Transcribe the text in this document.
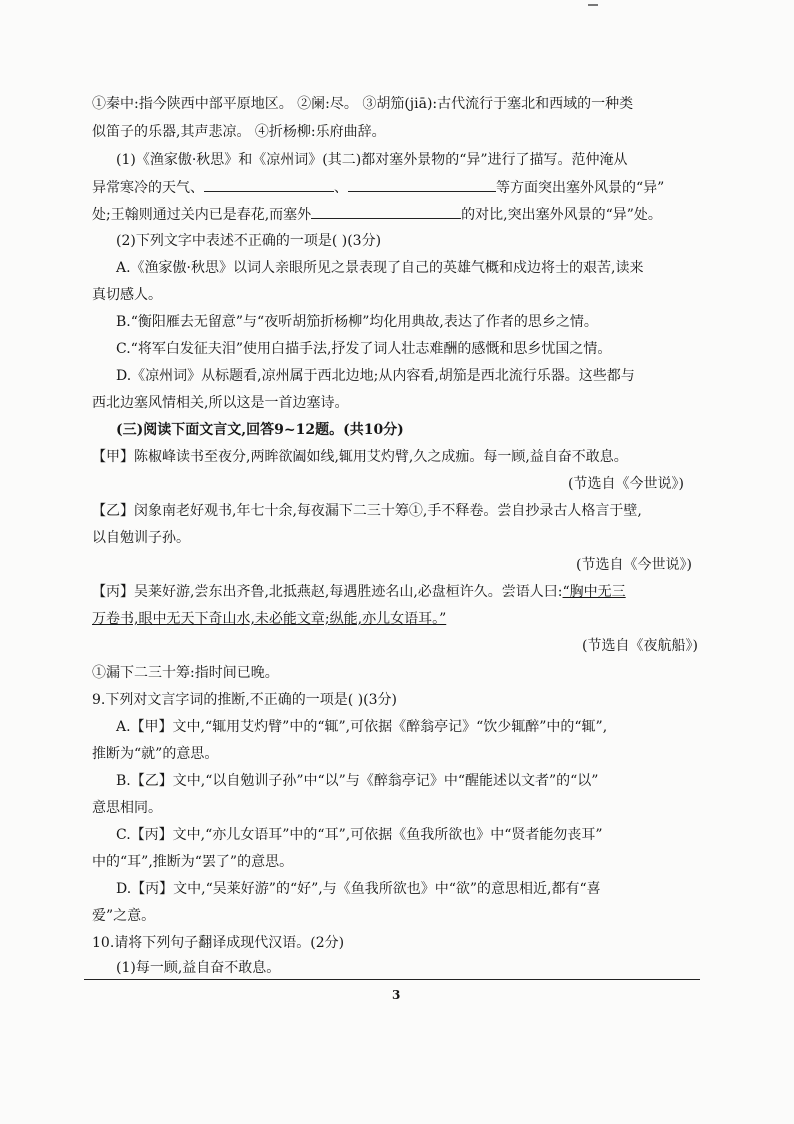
①秦中:指今陕西中部平原地区。 ②阑:尽。 ③胡笳(jiā):古代流行于塞北和西域的一种类
似笛子的乐器,其声悲凉。 ④折杨柳:乐府曲辞。
(1)《渔家傲·秋思》和《凉州词》(其二)都对塞外景物的“异”进行了描写。范仲淹从
异常寒冷的天气、	、	等方面突出塞外风景的“异”
处;王翰则通过关内已是春花,而塞外	的对比,突出塞外风景的“异”处。
(2)下列文字中表述不正确的一项是( )(3分)
A.《渔家傲·秋思》以词人亲眼所见之景表现了自己的英雄气概和戍边将士的艰苦,读来
真切感人。
B.“衡阳雁去无留意”与“夜听胡笳折杨柳”均化用典故,表达了作者的思乡之情。
C.“将军白发征夫泪”使用白描手法,抒发了词人壮志难酬的感慨和思乡忧国之情。
D.《凉州词》从标题看,凉州属于西北边地;从内容看,胡笳是西北流行乐器。这些都与
西北边塞风情相关,所以这是一首边塞诗。
(三)阅读下面文言文,回答9~12题。(共10分)
【甲】陈椒峰读书至夜分,两眸欲阖如线,辄用艾灼臂,久之成痂。每一顾,益自奋不敢息。
(节选自《今世说》)
【乙】闵象南老好观书,年七十余,每夜漏下二三十筹①,手不释卷。尝自抄录古人格言于壁,
以自勉训子孙。
(节选自《今世说》)
【丙】吴莱好游,尝东出齐鲁,北抵燕赵,每遇胜迹名山,必盘桓许久。尝语人曰:“胸中无三
万卷书,眼中无天下奇山水,未必能文章;纵能,亦儿女语耳。”
(节选自《夜航船》)
①漏下二三十筹:指时间已晚。
9.下列对文言字词的推断,不正确的一项是( )(3分)
A.【甲】文中,“辄用艾灼臂”中的“辄”,可依据《醉翁亭记》“饮少辄醉”中的“辄”,
推断为“就”的意思。
B.【乙】文中,“以自勉训子孙”中“以”与《醉翁亭记》中“醒能述以文者”的“以”
意思相同。
C.【丙】文中,“亦儿女语耳”中的“耳”,可依据《鱼我所欲也》中“贤者能勿丧耳”
中的“耳”,推断为“罢了”的意思。
D.【丙】文中,“吴莱好游”的“好”,与《鱼我所欲也》中“欲”的意思相近,都有“喜
爱”之意。
10.请将下列句子翻译成现代汉语。(2分)
(1)每一顾,益自奋不敢息。
3
